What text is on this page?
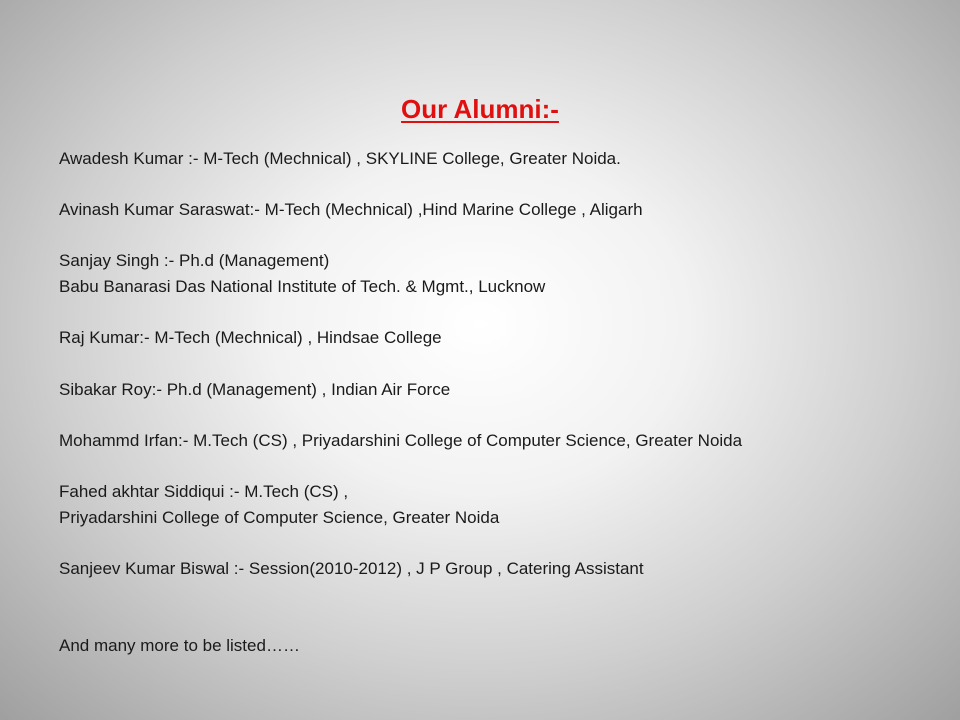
Our Alumni:-
Awadesh Kumar :- M-Tech (Mechnical) , SKYLINE College, Greater Noida.
Avinash Kumar Saraswat:- M-Tech (Mechnical) ,Hind Marine College , Aligarh
Sanjay Singh :- Ph.d (Management)
Babu Banarasi Das National Institute of Tech. & Mgmt., Lucknow
Raj Kumar:- M-Tech (Mechnical) , Hindsae College
Sibakar Roy:- Ph.d (Management) , Indian Air Force
Mohammd Irfan:- M.Tech (CS) , Priyadarshini College of Computer Science, Greater Noida
Fahed akhtar Siddiqui :- M.Tech (CS) ,
Priyadarshini College of Computer Science, Greater Noida
Sanjeev Kumar Biswal :- Session(2010-2012) , J P Group , Catering Assistant
And many more to be listed……
